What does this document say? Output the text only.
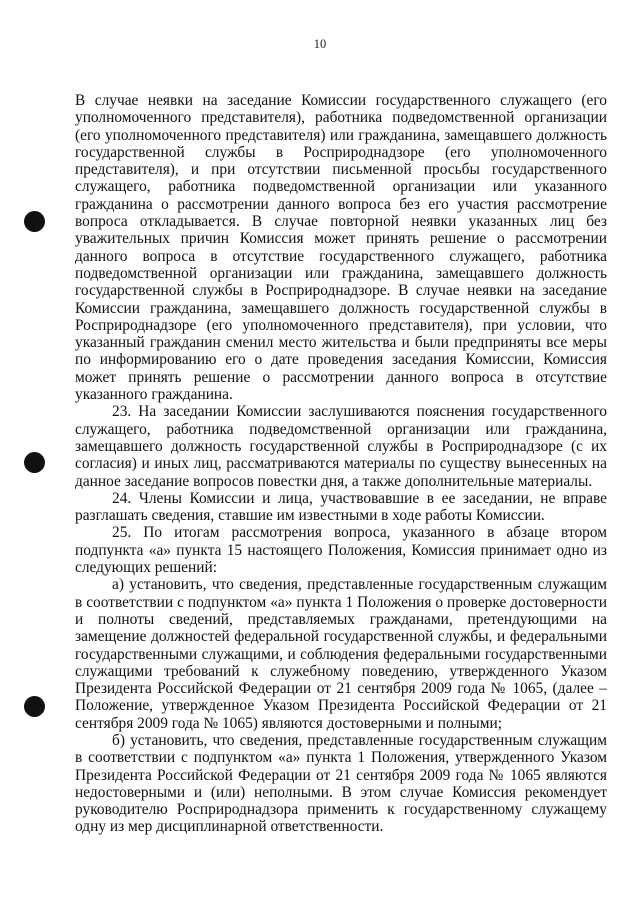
10

В случае неявки на заседание Комиссии государственного служащего (его уполномоченного представителя), работника подведомственной организации (его уполномоченного представителя) или гражданина, замещавшего должность государственной службы в Росприроднадзоре (его уполномоченного представителя), и при отсутствии письменной просьбы государственного служащего, работника подведомственной организации или указанного гражданина о рассмотрении данного вопроса без его участия рассмотрение вопроса откладывается. В случае повторной неявки указанных лиц без уважительных причин Комиссия может принять решение о рассмотрении данного вопроса в отсутствие государственного служащего, работника подведомственной организации или гражданина, замещавшего должность государственной службы в Росприроднадзоре. В случае неявки на заседание Комиссии гражданина, замещавшего должность государственной службы в Росприроднадзоре (его уполномоченного представителя), при условии, что указанный гражданин сменил место жительства и были предприняты все меры по информированию его о дате проведения заседания Комиссии, Комиссия может принять решение о рассмотрении данного вопроса в отсутствие указанного гражданина.

23. На заседании Комиссии заслушиваются пояснения государственного служащего, работника подведомственной организации или гражданина, замещавшего должность государственной службы в Росприроднадзоре (с их согласия) и иных лиц, рассматриваются материалы по существу вынесенных на данное заседание вопросов повестки дня, а также дополнительные материалы.

24. Члены Комиссии и лица, участвовавшие в ее заседании, не вправе разглашать сведения, ставшие им известными в ходе работы Комиссии.

25. По итогам рассмотрения вопроса, указанного в абзаце втором подпункта «а» пункта 15 настоящего Положения, Комиссия принимает одно из следующих решений:

а) установить, что сведения, представленные государственным служащим в соответствии с подпунктом «а» пункта 1 Положения о проверке достоверности и полноты сведений, представляемых гражданами, претендующими на замещение должностей федеральной государственной службы, и федеральными государственными служащими, и соблюдения федеральными государственными служащими требований к служебному поведению, утвержденного Указом Президента Российской Федерации от 21 сентября 2009 года № 1065, (далее – Положение, утвержденное Указом Президента Российской Федерации от 21 сентября 2009 года № 1065) являются достоверными и полными;

б) установить, что сведения, представленные государственным служащим в соответствии с подпунктом «а» пункта 1 Положения, утвержденного Указом Президента Российской Федерации от 21 сентября 2009 года № 1065 являются недостоверными и (или) неполными. В этом случае Комиссия рекомендует руководителю Росприроднадзора применить к государственному служащему одну из мер дисциплинарной ответственности.
